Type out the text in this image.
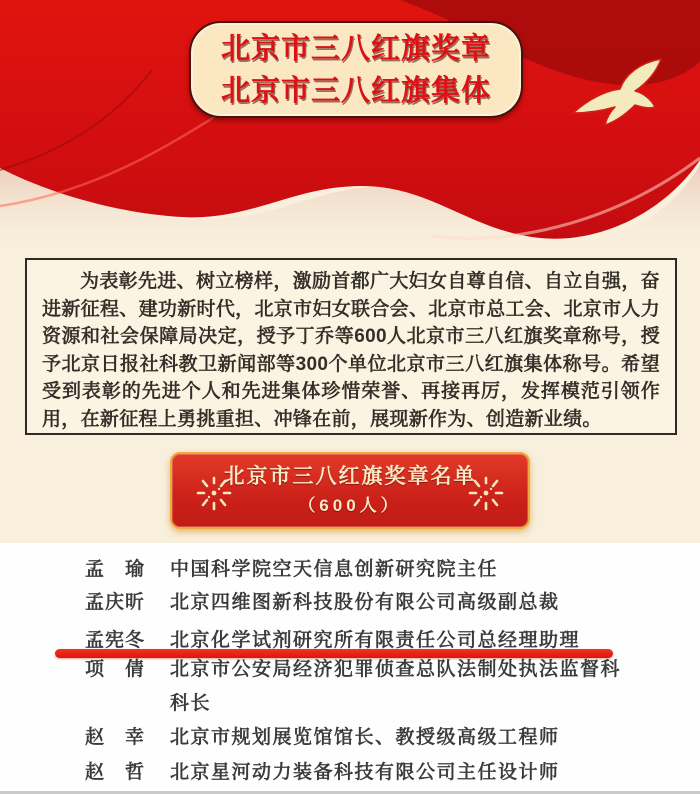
北京市三八红旗奖章
北京市三八红旗集体

为表彰先进、树立榜样，激励首都广大妇女自尊自信、自立自强，奋进新征程、建功新时代，北京市妇女联合会、北京市总工会、北京市人力资源和社会保障局决定，授予丁乔等600人北京市三八红旗奖章称号，授予北京日报社科教卫新闻部等300个单位北京市三八红旗集体称号。希望受到表彰的先进个人和先进集体珍惜荣誉、再接再厉，发挥模范引领作用，在新征程上勇挑重担、冲锋在前，展现新作为、创造新业绩。

北京市三八红旗奖章名单
（600人）
孟　瑜	中国科学院空天信息创新研究院主任
孟庆昕	北京四维图新科技股份有限公司高级副总裁
孟宪冬	北京化学试剂研究所有限责任公司总经理助理
项　倩	北京市公安局经济犯罪侦查总队法制处执法监督科
科长
赵　幸	北京市规划展览馆馆长、教授级高级工程师
赵　哲	北京星河动力装备科技有限公司主任设计师
